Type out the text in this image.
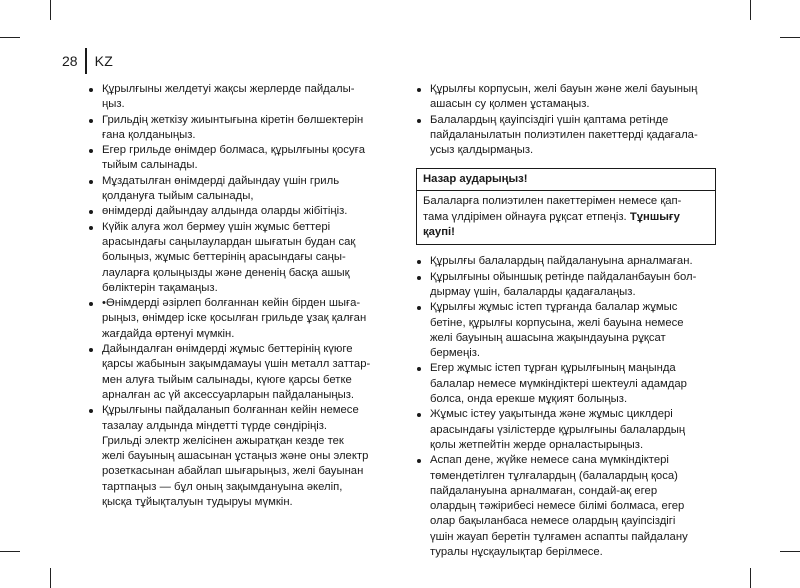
28 KZ
Құрылғыны желдетуі жақсы жерлерде пайдалы-
ңыз.
Грильдің жеткізу жиынтығына кіретін бөлшектерін
ғана қолданыңыз.
Егер грильде өнімдер болмаса, құрылғыны қосуға
тыйым салынады.
Мұздатылған өнімдерді дайындау үшін гриль
қолдануға тыйым салынады,
өнімдерді дайындау алдында оларды жібітіңіз.
Күйік алуға жол бермеу үшін жұмыс беттері
арасындағы саңылаулардан шығатын будан сақ
болыңыз, жұмыс беттерінің арасындағы саңы-
лауларға қолыңызды және дененің басқа ашық
бөліктерін тақамаңыз.
•Өнімдерді әзірлеп болғаннан кейін бірден шыға-
рыңыз, өнімдер іске қосылған грильде ұзақ қалған
жағдайда өртенуі мүмкін.
Дайындалған өнімдерді жұмыс беттерінің күюге
қарсы жабынын зақымдамауы үшін металл заттар-
мен алуға тыйым салынады, күюге қарсы бетке
арналған ас үй аксессуарларын пайдаланыңыз.
Құрылғыны пайдаланып болғаннан кейін немесе
тазалау алдында міндетті түрде сөндіріңіз.
Грильді электр желісінен ажыратқан кезде тек
желі бауының ашасынан ұстаңыз және оны электр
розеткасынан абайлап шығарыңыз, желі бауынан
тартпаңыз — бұл оның зақымдануына әкеліп,
қысқа тұйықталуын тудыруы мүмкін.
Құрылғы корпусын, желі бауын және желі бауының
ашасын су қолмен ұстамаңыз.
Балалардың қауіпсіздігі үшін қаптама ретінде
пайдаланылатын полиэтилен пакеттерді қадағала-
усыз қалдырмаңыз.
Назар аударыңыз!
Балаларға полиэтилен пакеттерімен немесе қап-
тама үлдірімен ойнауға рұқсат етпеңіз. Тұншығу
қаупі!
Құрылғы балалардың пайдалануына арналмаған.
Құрылғыны ойыншық ретінде пайдаланбауын бол-
дырмау үшін, балаларды қадағалаңыз.
Құрылғы жұмыс істеп тұрғанда балалар жұмыс
бетіне, құрылғы корпусына, желі бауына немесе
желі бауының ашасына жақындауына рұқсат
бермеңіз.
Егер жұмыс істеп тұрған құрылғының маңында
балалар немесе мүмкіндіктері шектеулі адамдар
болса, онда ерекше мұқият болыңыз.
Жұмыс істеу уақытында және жұмыс циклдері
арасындағы үзілістерде құрылғыны балалардың
қолы жетпейтін жерде орналастырыңыз.
Аспап дене, жүйке немесе сана мүмкіндіктері
төмендетілген тұлғалардың (балалардың қоса)
пайдалануына арналмаған, сондай-ақ егер
олардың тәжірибесі немесе білімі болмаса, егер
олар бақыланбаса немесе олардың қауіпсіздігі
үшін жауап беретін тұлғамен аспапты пайдалану
туралы нұсқаулықтар берілмесе.
